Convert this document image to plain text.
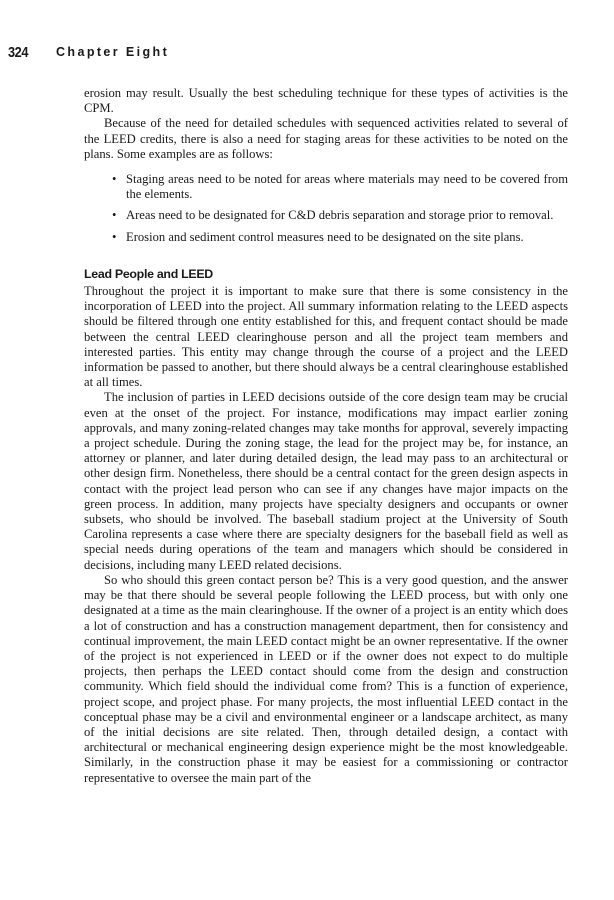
324 Chapter Eight

erosion may result. Usually the best scheduling technique for these types of activities is the CPM.

Because of the need for detailed schedules with sequenced activities related to several of the LEED credits, there is also a need for staging areas for these activities to be noted on the plans. Some examples are as follows:

• Staging areas need to be noted for areas where materials may need to be covered from the elements.
• Areas need to be designated for C&D debris separation and storage prior to removal.
• Erosion and sediment control measures need to be designated on the site plans.
Lead People and LEED

Throughout the project it is important to make sure that there is some consistency in the incorporation of LEED into the project. All summary information relating to the LEED aspects should be filtered through one entity established for this, and frequent contact should be made between the central LEED clearinghouse person and all the project team members and interested parties. This entity may change through the course of a project and the LEED information be passed to another, but there should always be a central clearinghouse established at all times.

The inclusion of parties in LEED decisions outside of the core design team may be crucial even at the onset of the project. For instance, modifications may impact earlier zoning approvals, and many zoning-related changes may take months for approval, severely impacting a project schedule. During the zoning stage, the lead for the project may be, for instance, an attorney or planner, and later during detailed design, the lead may pass to an architectural or other design firm. Nonetheless, there should be a central contact for the green design aspects in contact with the project lead person who can see if any changes have major impacts on the green process. In addition, many projects have specialty designers and occupants or owner subsets, who should be involved. The baseball stadium project at the University of South Carolina represents a case where there are specialty designers for the baseball field as well as special needs during operations of the team and managers which should be considered in decisions, including many LEED related decisions.

So who should this green contact person be? This is a very good question, and the answer may be that there should be several people following the LEED process, but with only one designated at a time as the main clearinghouse. If the owner of a project is an entity which does a lot of construction and has a construction management department, then for consistency and continual improvement, the main LEED contact might be an owner representative. If the owner of the project is not experienced in LEED or if the owner does not expect to do multiple projects, then perhaps the LEED contact should come from the design and construction community. Which field should the individual come from? This is a function of experience, project scope, and project phase. For many projects, the most influential LEED contact in the conceptual phase may be a civil and environmental engineer or a landscape architect, as many of the initial decisions are site related. Then, through detailed design, a contact with architectural or mechanical engineering design experience might be the most knowledgeable. Similarly, in the construction phase it may be easiest for a commissioning or contractor representative to oversee the main part of the
